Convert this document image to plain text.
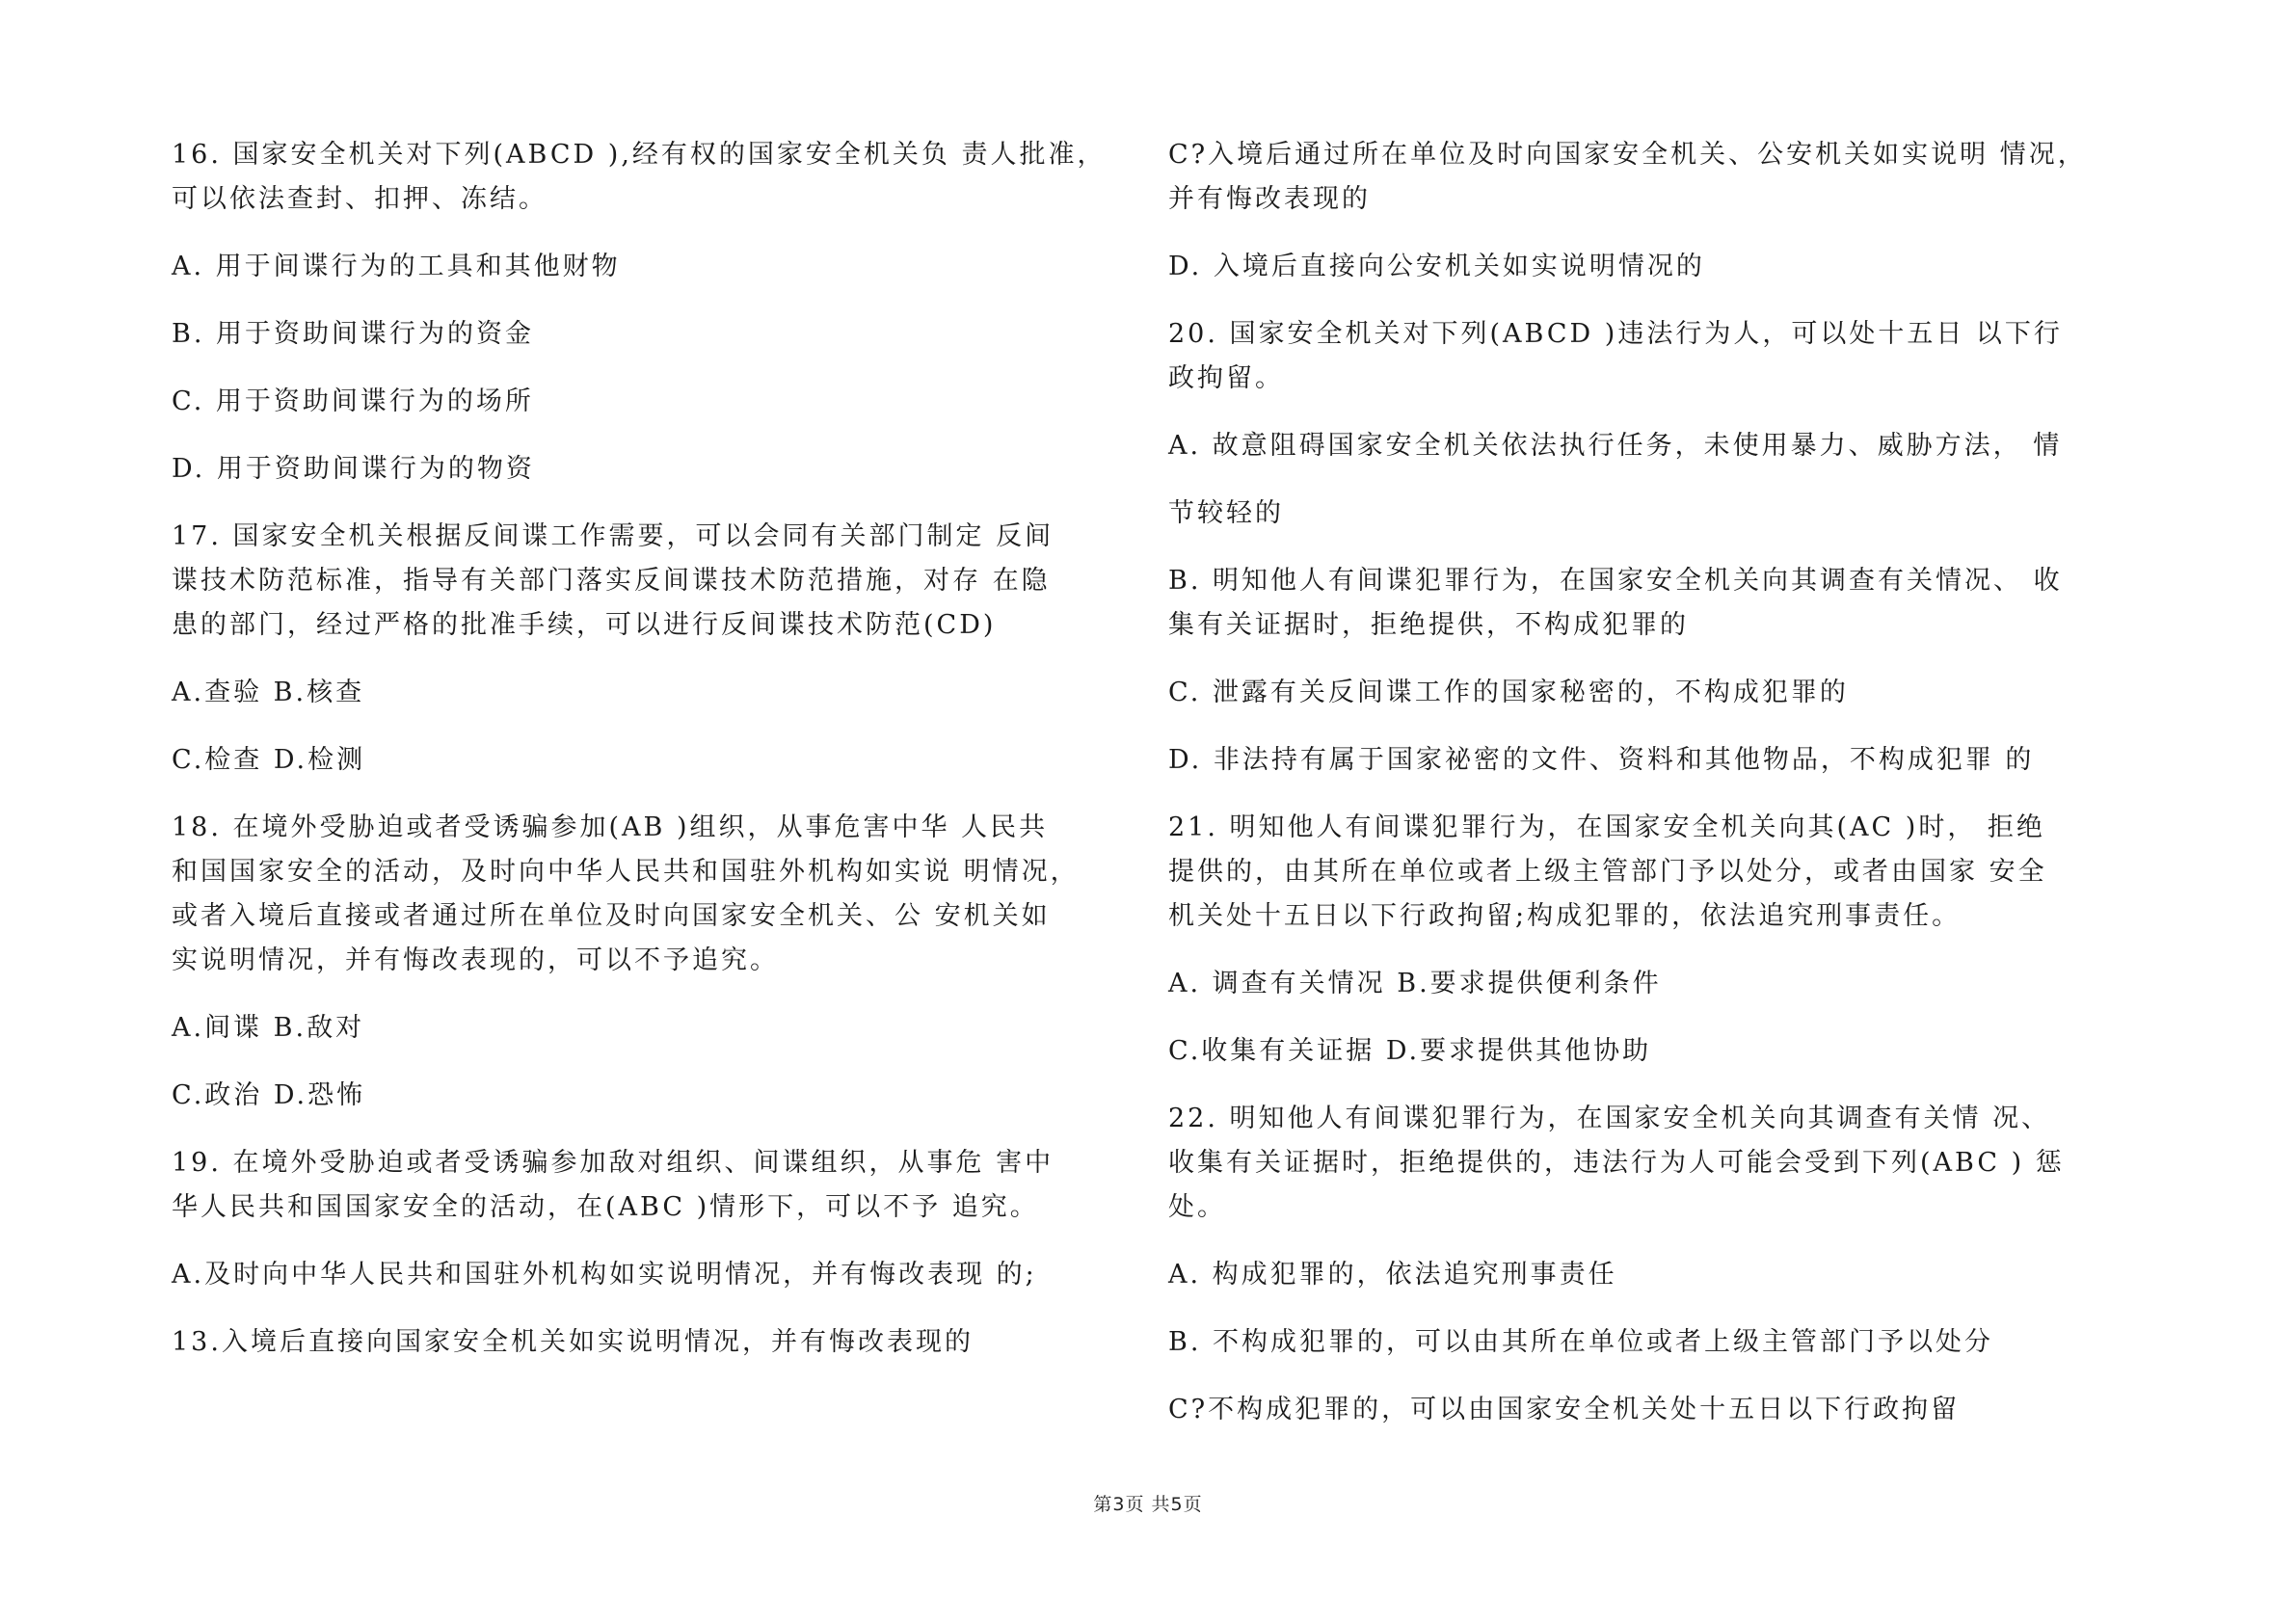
16. 国家安全机关对下列(ABCD ),经有权的国家安全机关负 责人批准，
可以依法查封、扣押、冻结。
A. 用于间谍行为的工具和其他财物
B. 用于资助间谍行为的资金
C. 用于资助间谍行为的场所
D. 用于资助间谍行为的物资
17. 国家安全机关根据反间谍工作需要，可以会同有关部门制定 反间
谍技术防范标准，指导有关部门落实反间谍技术防范措施，对存 在隐
患的部门，经过严格的批准手续，可以进行反间谍技术防范(CD)
A.查验 B.核查
C.检查 D.检测
18. 在境外受胁迫或者受诱骗参加(AB )组织，从事危害中华 人民共
和国国家安全的活动，及时向中华人民共和国驻外机构如实说 明情况，
或者入境后直接或者通过所在单位及时向国家安全机关、公 安机关如
实说明情况，并有悔改表现的，可以不予追究。
A.间谍 B.敌对
C.政治 D.恐怖
19. 在境外受胁迫或者受诱骗参加敌对组织、间谍组织，从事危 害中
华人民共和国国家安全的活动，在(ABC )情形下，可以不予 追究。
A.及时向中华人民共和国驻外机构如实说明情况，并有悔改表现 的;
13.入境后直接向国家安全机关如实说明情况，并有悔改表现的
C?入境后通过所在单位及时向国家安全机关、公安机关如实说明 情况，
并有悔改表现的
D. 入境后直接向公安机关如实说明情况的
20. 国家安全机关对下列(ABCD )违法行为人，可以处十五日 以下行
政拘留。
A. 故意阻碍国家安全机关依法执行任务，未使用暴力、威胁方法， 情
节较轻的
B. 明知他人有间谍犯罪行为，在国家安全机关向其调查有关情况、 收
集有关证据时，拒绝提供，不构成犯罪的
C. 泄露有关反间谍工作的国家秘密的，不构成犯罪的
D. 非法持有属于国家祕密的文件、资料和其他物品，不构成犯罪 的
21. 明知他人有间谍犯罪行为，在国家安全机关向其(AC )时， 拒绝
提供的，由其所在单位或者上级主管部门予以处分，或者由国家 安全
机关处十五日以下行政拘留;构成犯罪的，依法追究刑事责任。
A. 调查有关情况 B.要求提供便利条件
C.收集有关证据 D.要求提供其他协助
22. 明知他人有间谍犯罪行为，在国家安全机关向其调查有关情 况、
收集有关证据时，拒绝提供的，违法行为人可能会受到下列(ABC ) 惩
处。
A. 构成犯罪的，依法追究刑事责任
B. 不构成犯罪的，可以由其所在单位或者上级主管部门予以处分
C?不构成犯罪的，可以由国家安全机关处十五日以下行政拘留
第3页 共5页
